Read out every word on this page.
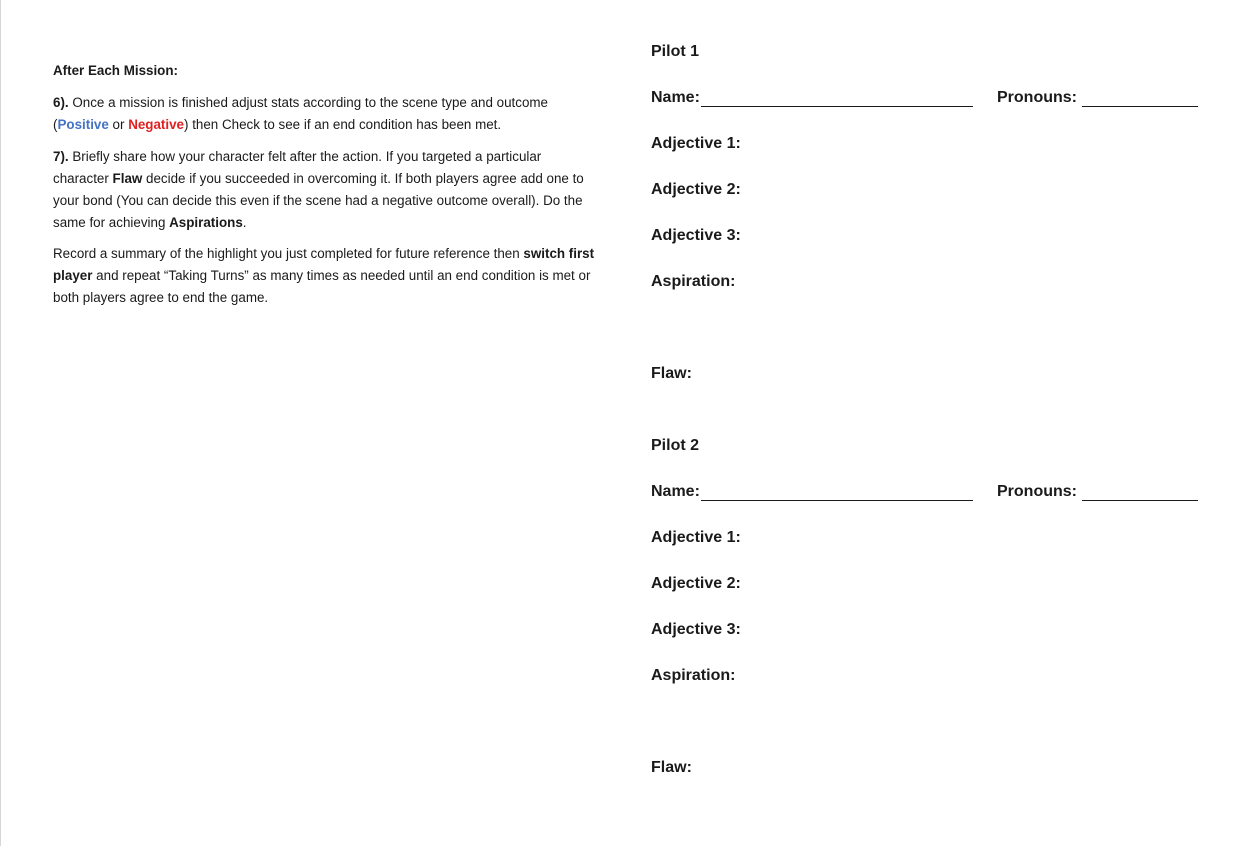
After Each Mission:

6). Once a mission is finished adjust stats according to the scene type and outcome (Positive or Negative) then Check to see if an end condition has been met.

7). Briefly share how your character felt after the action. If you targeted a particular character Flaw decide if you succeeded in overcoming it. If both players agree add one to your bond (You can decide this even if the scene had a negative outcome overall). Do the same for achieving Aspirations.

Record a summary of the highlight you just completed for future reference then switch first player and repeat “Taking Turns” as many times as needed until an end condition is met or both players agree to end the game.

Pilot 1
Name:	Pronouns:
Adjective 1:
Adjective 2:
Adjective 3:
Aspiration:
Flaw:
Pilot 2
Name:	Pronouns:
Adjective 1:
Adjective 2:
Adjective 3:
Aspiration:
Flaw:
